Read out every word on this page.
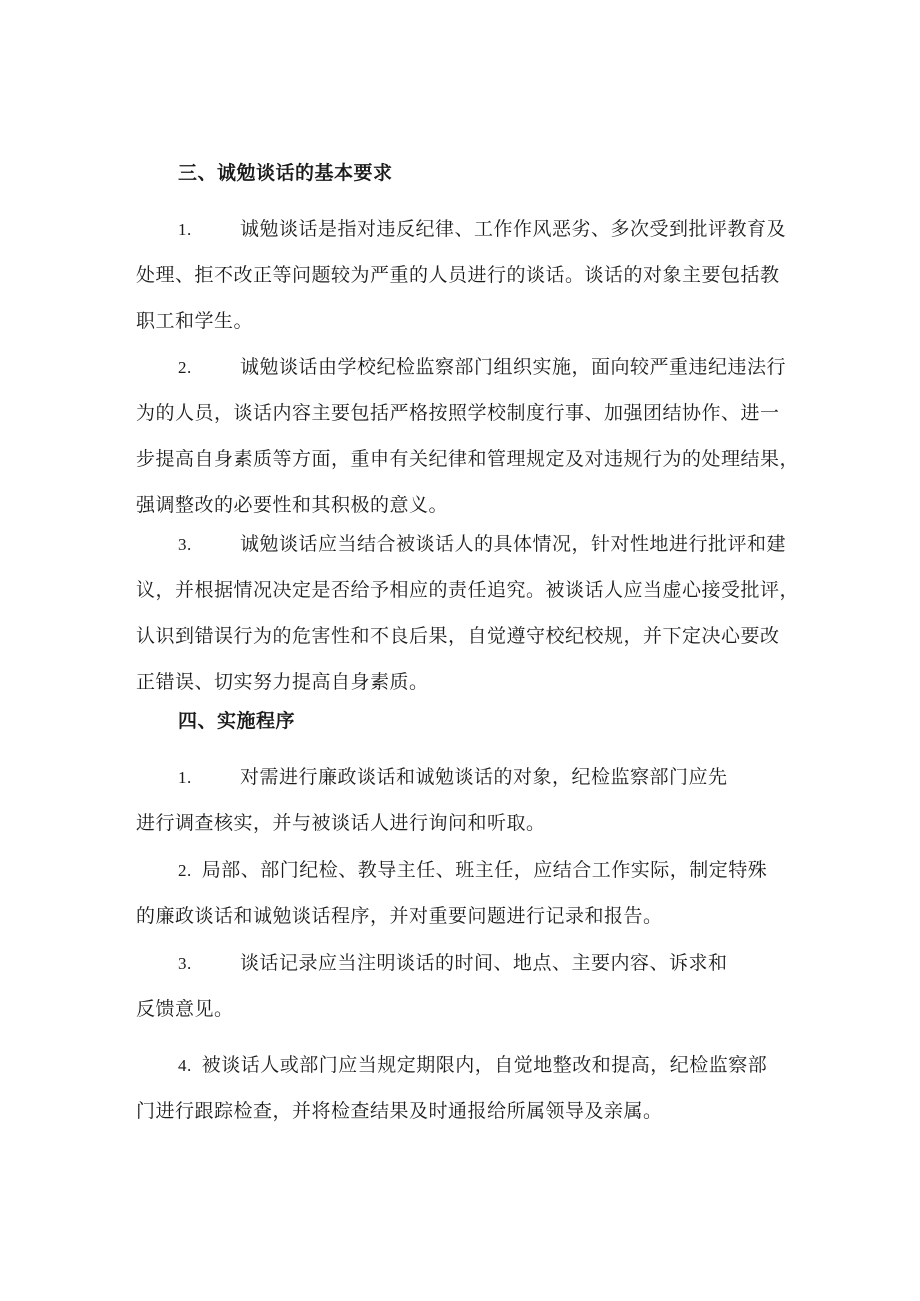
三、诚勉谈话的基本要求
1.	诚勉谈话是指对违反纪律、工作作风恶劣、多次受到批评教育及
处理、拒不改正等问题较为严重的人员进行的谈话。谈话的对象主要包括教
职工和学生。
2.	诚勉谈话由学校纪检监察部门组织实施，面向较严重违纪违法行
为的人员，谈话内容主要包括严格按照学校制度行事、加强团结协作、进一
步提高自身素质等方面，重申有关纪律和管理规定及对违规行为的处理结果，
强调整改的必要性和其积极的意义。
3.	诚勉谈话应当结合被谈话人的具体情况，针对性地进行批评和建
议，并根据情况决定是否给予相应的责任追究。被谈话人应当虚心接受批评，
认识到错误行为的危害性和不良后果，自觉遵守校纪校规，并下定决心要改
正错误、切实努力提高自身素质。
四、实施程序
1.	对需进行廉政谈话和诚勉谈话的对象，纪检监察部门应先
进行调查核实，并与被谈话人进行询问和听取。
2. 局部、部门纪检、教导主任、班主任，应结合工作实际，制定特殊
的廉政谈话和诚勉谈话程序，并对重要问题进行记录和报告。
3.	谈话记录应当注明谈话的时间、地点、主要内容、诉求和
反馈意见。
4. 被谈话人或部门应当规定期限内，自觉地整改和提高，纪检监察部
门进行跟踪检查，并将检查结果及时通报给所属领导及亲属。
